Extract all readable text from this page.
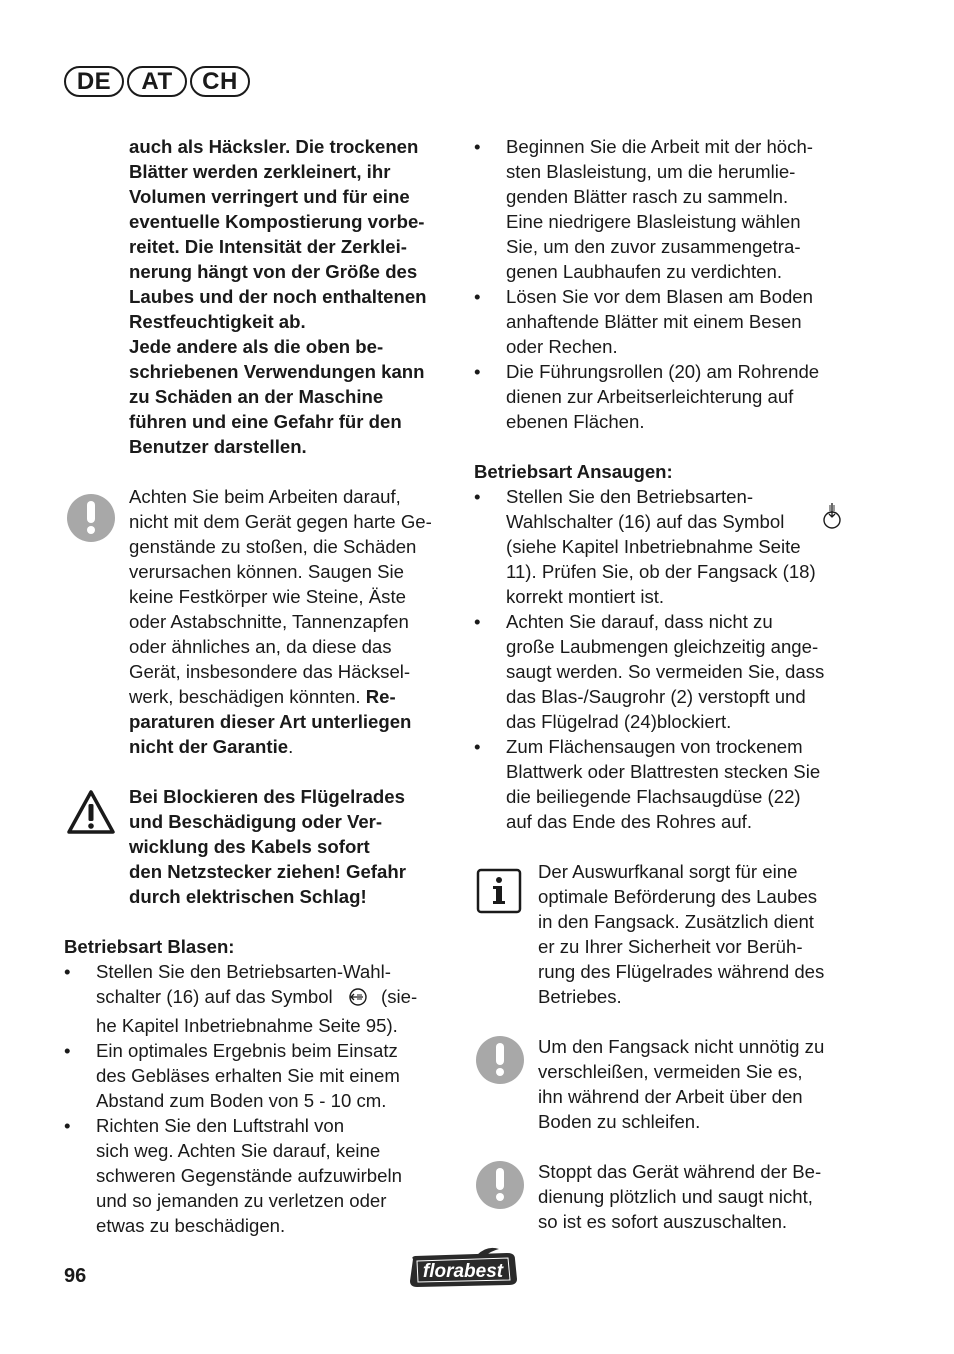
DE	AT	CH
auch als Häcksler. Die trockenen
Blätter werden zerkleinert, ihr
Volumen verringert und für eine
eventuelle Kompostierung vorbe-
reitet. Die Intensität der Zerklei-
nerung hängt von der Größe des
Laubes und der noch enthaltenen
Restfeuchtigkeit ab.
Jede andere als die oben be-
schriebenen Verwendungen kann
zu Schäden an der Maschine
führen und eine Gefahr für den
Benutzer darstellen.
Achten Sie beim Arbeiten darauf,
nicht mit dem Gerät gegen harte Ge-
genstände zu stoßen, die Schäden
verursachen können. Saugen Sie
keine Festkörper wie Steine, Äste
oder Astabschnitte, Tannenzapfen
oder ähnliches an, da diese das
Gerät, insbesondere das Häcksel-
werk, beschädigen könnten. Re-
paraturen dieser Art unterliegen
nicht der Garantie.
Bei Blockieren des Flügelrades
und Beschädigung oder Ver-
wicklung des Kabels sofort
den Netzstecker ziehen! Gefahr
durch elektrischen Schlag!
Betriebsart Blasen:
• Stellen Sie den Betriebsarten-Wahl-
schalter (16) auf das Symbol	(sie-
he Kapitel Inbetriebnahme Seite 95).
• Ein optimales Ergebnis beim Einsatz
des Gebläses erhalten Sie mit einem
Abstand zum Boden von 5 - 10 cm.
• Richten Sie den Luftstrahl von
sich weg. Achten Sie darauf, keine
schweren Gegenstände aufzuwirbeln
und so jemanden zu verletzen oder
etwas zu beschädigen.
• Beginnen Sie die Arbeit mit der höch-
sten Blasleistung, um die herumlie-
genden Blätter rasch zu sammeln.
Eine niedrigere Blasleistung wählen
Sie, um den zuvor zusammengetra-
genen Laubhaufen zu verdichten.
• Lösen Sie vor dem Blasen am Boden
anhaftende Blätter mit einem Besen
oder Rechen.
• Die Führungsrollen (20) am Rohrende
dienen zur Arbeitserleichterung auf
ebenen Flächen.
Betriebsart Ansaugen:
• Stellen Sie den Betriebsarten-
Wahlschalter (16) auf das Symbol
(siehe Kapitel Inbetriebnahme Seite
11). Prüfen Sie, ob der Fangsack (18)
korrekt montiert ist.
• Achten Sie darauf, dass nicht zu
große Laubmengen gleichzeitig ange-
saugt werden. So vermeiden Sie, dass
das Blas-/Saugrohr (2) verstopft und
das Flügelrad (24)blockiert.
• Zum Flächensaugen von trockenem
Blattwerk oder Blattresten stecken Sie
die beiliegende Flachsaugdüse (22)
auf das Ende des Rohres auf.
Der Auswurfkanal sorgt für eine
optimale Beförderung des Laubes
in den Fangsack. Zusätzlich dient
er zu Ihrer Sicherheit vor Berüh-
rung des Flügelrades während des
Betriebes.
Um den Fangsack nicht unnötig zu
verschleißen, vermeiden Sie es,
ihn während der Arbeit über den
Boden zu schleifen.
Stoppt das Gerät während der Be-
dienung plötzlich und saugt nicht,
so ist es sofort auszuschalten.
96	florabest
